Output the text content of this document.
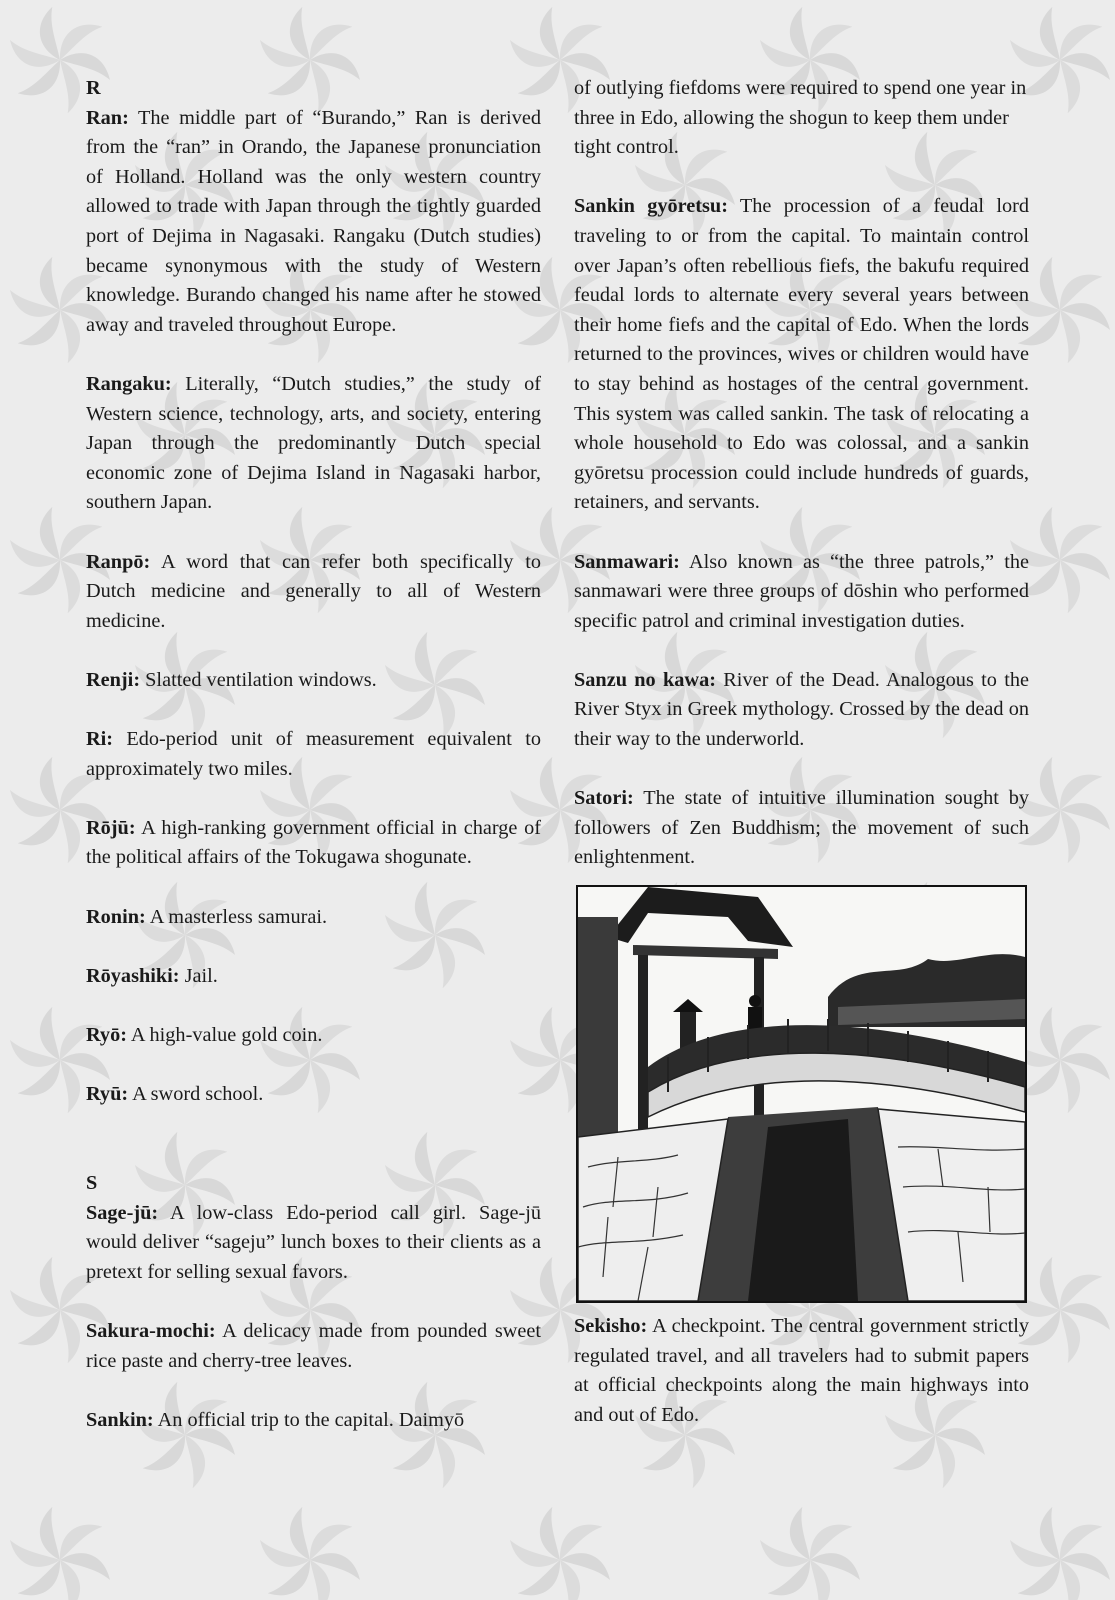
R

Ran: The middle part of “Burando,” Ran is derived from the “ran” in Orando, the Japanese pronunciation of Holland. Holland was the only western country allowed to trade with Japan through the tightly guarded port of Dejima in Nagasaki. Rangaku (Dutch studies) became synonymous with the study of Western knowledge. Burando changed his name after he stowed away and traveled throughout Europe.

Rangaku: Literally, “Dutch studies,” the study of Western science, technology, arts, and society, entering Japan through the predominantly Dutch special economic zone of Dejima Island in Nagasaki harbor, southern Japan.

Ranpō: A word that can refer both specifically to Dutch medicine and generally to all of Western medicine.

Renji: Slatted ventilation windows.

Ri: Edo-period unit of measurement equivalent to approximately two miles.

Rōjū: A high-ranking government official in charge of the political affairs of the Tokugawa shogunate.

Ronin: A masterless samurai.

Rōyashiki: Jail.

Ryō: A high-value gold coin.

Ryū: A sword school.

S

Sage-jū: A low-class Edo-period call girl. Sage-jū would deliver “sageju” lunch boxes to their clients as a pretext for selling sexual favors.

Sakura-mochi: A delicacy made from pounded sweet rice paste and cherry-tree leaves.

Sankin: An official trip to the capital. Daimyō

of outlying fiefdoms were required to spend one year in three in Edo, allowing the shogun to keep them under tight control.

Sankin gyōretsu: The procession of a feudal lord traveling to or from the capital. To maintain control over Japan’s often rebellious fiefs, the bakufu required feudal lords to alternate every several years between their home fiefs and the capital of Edo. When the lords returned to the provinces, wives or children would have to stay behind as hostages of the central government. This system was called sankin. The task of relocating a whole household to Edo was colossal, and a sankin gyōretsu procession could include hundreds of guards, retainers, and servants.

Sanmawari: Also known as “the three patrols,” the sanmawari were three groups of dōshin who performed specific patrol and criminal investigation duties.

Sanzu no kawa: River of the Dead. Analogous to the River Styx in Greek mythology. Crossed by the dead on their way to the underworld.

Satori: The state of intuitive illumination sought by followers of Zen Buddhism; the movement of such enlightenment.

Sekisho: A checkpoint. The central government strictly regulated travel, and all travelers had to submit papers at official checkpoints along the main highways into and out of Edo.
